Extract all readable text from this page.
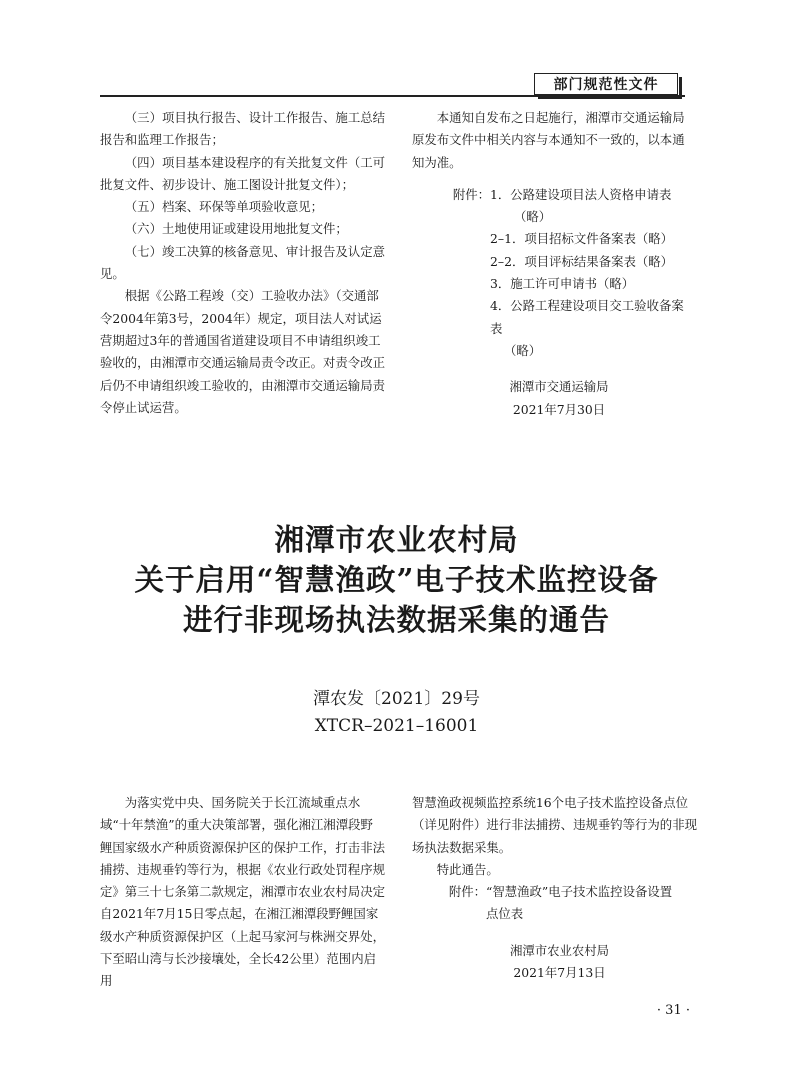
部门规范性文件

（三）项目执行报告、设计工作报告、施工总结报告和监理工作报告；

（四）项目基本建设程序的有关批复文件（工可批复文件、初步设计、施工图设计批复文件）；

（五）档案、环保等单项验收意见；

（六）土地使用证或建设用地批复文件；

（七）竣工决算的核备意见、审计报告及认定意见。

根据《公路工程竣（交）工验收办法》（交通部令2004年第3号，2004年）规定，项目法人对试运营期超过3年的普通国省道建设项目不申请组织竣工验收的，由湘潭市交通运输局责令改正。对责令改正后仍不申请组织竣工验收的，由湘潭市交通运输局责令停止试运营。

本通知自发布之日起施行，湘潭市交通运输局原发布文件中相关内容与本通知不一致的，以本通知为准。

附件： 1．公路建设项目法人资格申请表
（略）
2–1．项目招标文件备案表（略）
2–2．项目评标结果备案表（略）
3．施工许可申请书（略）
4．公路工程建设项目交工验收备案表
（略）
湘潭市交通运输局
2021年7月30日
湘潭市农业农村局
关于启用“智慧渔政”电子技术监控设备
进行非现场执法数据采集的通告
潭农发〔2021〕29号
XTCR–2021–16001

为落实党中央、国务院关于长江流域重点水域“十年禁渔”的重大决策部署，强化湘江湘潭段野鲤国家级水产种质资源保护区的保护工作，打击非法捕捞、违规垂钓等行为，根据《农业行政处罚程序规定》第三十七条第二款规定，湘潭市农业农村局决定自2021年7月15日零点起，在湘江湘潭段野鲤国家级水产种质资源保护区（上起马家河与株洲交界处，下至昭山湾与长沙接壤处，全长42公里）范围内启用

智慧渔政视频监控系统16个电子技术监控设备点位（详见附件）进行非法捕捞、违规垂钓等行为的非现场执法数据采集。

特此通告。

附件： “智慧渔政”电子技术监控设备设置
点位表
湘潭市农业农村局
2021年7月13日
· 31 ·
